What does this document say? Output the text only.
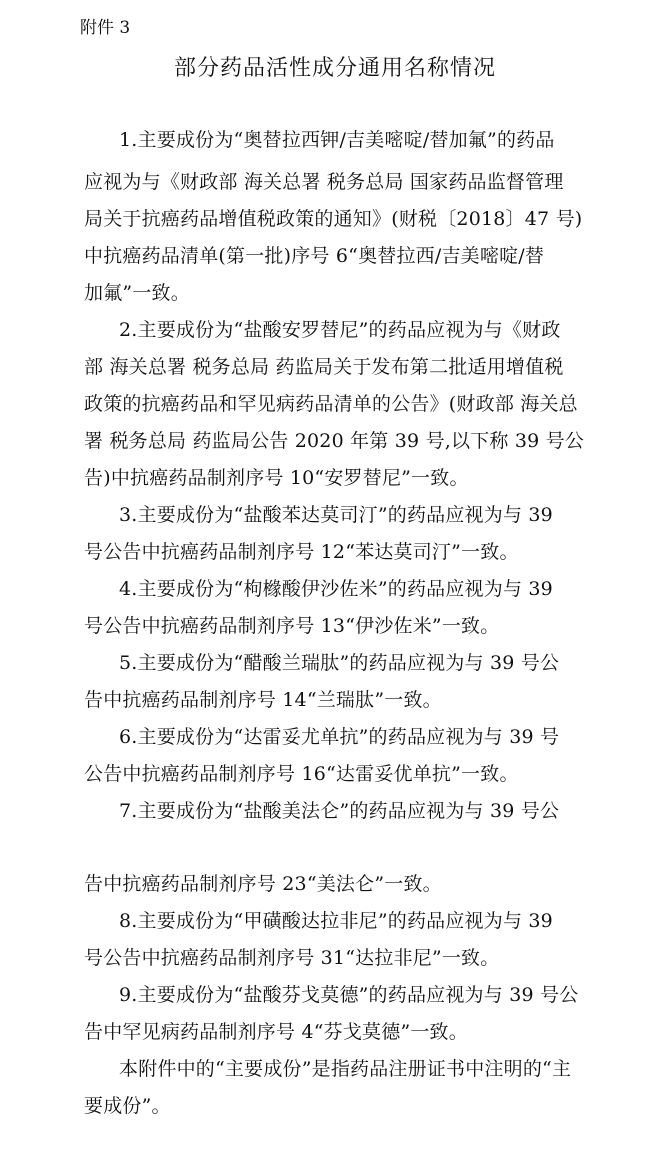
附件 3
部分药品活性成分通用名称情况
1.主要成份为“奥替拉西钾/吉美嘧啶/替加氟”的药品
应视为与《财政部 海关总署 税务总局 国家药品监督管理
局关于抗癌药品增值税政策的通知》(财税〔2018〕47 号)
中抗癌药品清单(第一批)序号 6“奥替拉西/吉美嘧啶/替
加氟”一致。
2.主要成份为“盐酸安罗替尼”的药品应视为与《财政
部 海关总署 税务总局 药监局关于发布第二批适用增值税
政策的抗癌药品和罕见病药品清单的公告》(财政部 海关总
署 税务总局 药监局公告 2020 年第 39 号,以下称 39 号公
告)中抗癌药品制剂序号 10“安罗替尼”一致。
3.主要成份为“盐酸苯达莫司汀”的药品应视为与 39
号公告中抗癌药品制剂序号 12“苯达莫司汀”一致。
4.主要成份为“枸橼酸伊沙佐米”的药品应视为与 39
号公告中抗癌药品制剂序号 13“伊沙佐米”一致。
5.主要成份为“醋酸兰瑞肽”的药品应视为与 39 号公
告中抗癌药品制剂序号 14“兰瑞肽”一致。
6.主要成份为“达雷妥尤单抗”的药品应视为与 39 号
公告中抗癌药品制剂序号 16“达雷妥优单抗”一致。
7.主要成份为“盐酸美法仑”的药品应视为与 39 号公
告中抗癌药品制剂序号 23“美法仑”一致。
8.主要成份为“甲磺酸达拉非尼”的药品应视为与 39
号公告中抗癌药品制剂序号 31“达拉非尼”一致。
9.主要成份为“盐酸芬戈莫德”的药品应视为与 39 号公
告中罕见病药品制剂序号 4“芬戈莫德”一致。
本附件中的“主要成份”是指药品注册证书中注明的“主
要成份”。
